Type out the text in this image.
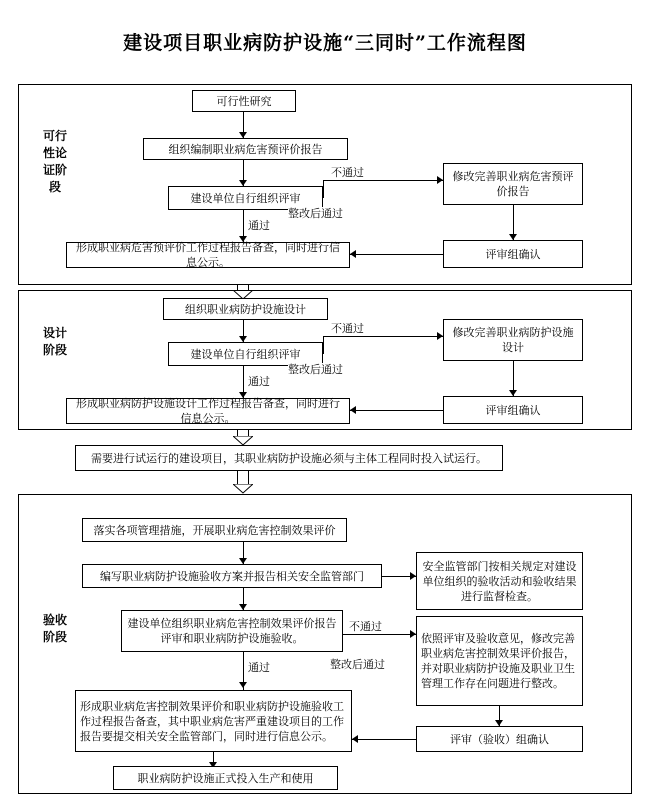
建设项目职业病防护设施“三同时”工作流程图
可行性论证阶段
可行性研究
组织编制职业病危害预评价报告
建设单位自行组织评审
不通过	修改完善职业病危害预评价报告
评审组确认
整改后通过
通过
形成职业病危害预评价工作过程报告备查，同时进行信息公示。
设计阶段
组织职业病防护设施设计
建设单位自行组织评审
不通过	修改完善职业病防护设施设计
评审组确认
整改后通过
通过
形成职业病防护设施设计工作过程报告备查，同时进行信息公示。
需要进行试运行的建设项目，其职业病防护设施必须与主体工程同时投入试运行。
验收阶段
落实各项管理措施，开展职业病危害控制效果评价
编写职业病防护设施验收方案并报告相关安全监管部门
建设单位组织职业病危害控制效果评价报告评审和职业病防护设施验收。
安全监管部门按相关规定对建设单位组织的验收活动和验收结果进行监督检查。
不通过
依照评审及验收意见，修改完善职业病危害控制效果评价报告，并对职业病防护设施及职业卫生管理工作存在问题进行整改。
评审（验收）组确认
整改后通过
通过
形成职业病危害控制效果评价和职业病防护设施验收工作过程报告备查，其中职业病危害严重建设项目的工作报告要提交相关安全监管部门，同时进行信息公示。
职业病防护设施正式投入生产和使用
